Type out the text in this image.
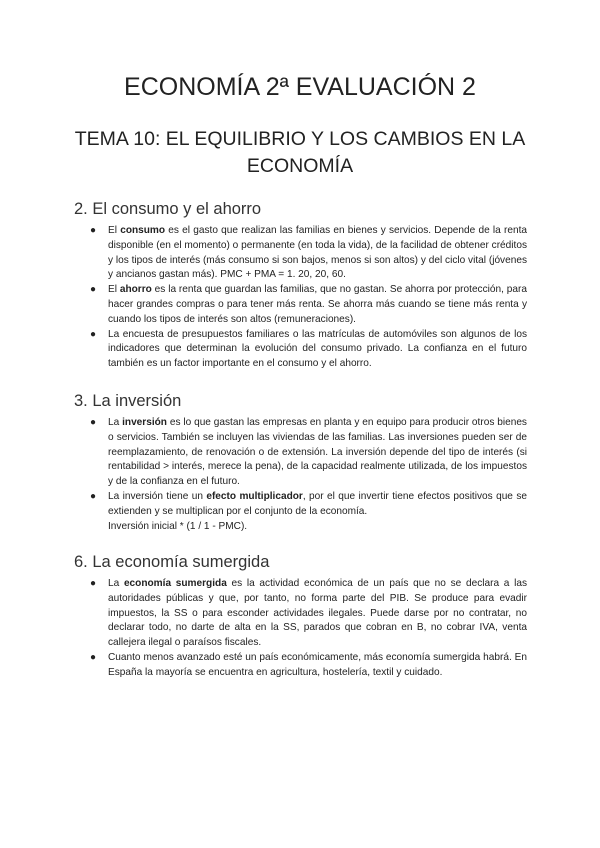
ECONOMÍA 2ª EVALUACIÓN 2
TEMA 10: EL EQUILIBRIO Y LOS CAMBIOS EN LA ECONOMÍA
2. El consumo y el ahorro
● El consumo es el gasto que realizan las familias en bienes y servicios. Depende de la renta disponible (en el momento) o permanente (en toda la vida), de la facilidad de obtener créditos y los tipos de interés (más consumo si son bajos, menos si son altos) y del ciclo vital (jóvenes y ancianos gastan más). PMC + PMA = 1. 20, 20, 60.
● El ahorro es la renta que guardan las familias, que no gastan. Se ahorra por protección, para hacer grandes compras o para tener más renta. Se ahorra más cuando se tiene más renta y cuando los tipos de interés son altos (remuneraciones).
● La encuesta de presupuestos familiares o las matrículas de automóviles son algunos de los indicadores que determinan la evolución del consumo privado. La confianza en el futuro también es un factor importante en el consumo y el ahorro.
3. La inversión
● La inversión es lo que gastan las empresas en planta y en equipo para producir otros bienes o servicios. También se incluyen las viviendas de las familias. Las inversiones pueden ser de reemplazamiento, de renovación o de extensión. La inversión depende del tipo de interés (si rentabilidad > interés, merece la pena), de la capacidad realmente utilizada, de los impuestos y de la confianza en el futuro.
● La inversión tiene un efecto multiplicador, por el que invertir tiene efectos positivos que se extienden y se multiplican por el conjunto de la economía.
Inversión inicial * (1 / 1 - PMC).
6. La economía sumergida
● La economía sumergida es la actividad económica de un país que no se declara a las autoridades públicas y que, por tanto, no forma parte del PIB. Se produce para evadir impuestos, la SS o para esconder actividades ilegales. Puede darse por no contratar, no declarar todo, no darte de alta en la SS, parados que cobran en B, no cobrar IVA, venta callejera ilegal o paraísos fiscales.
● Cuanto menos avanzado esté un país económicamente, más economía sumergida habrá. En España la mayoría se encuentra en agricultura, hostelería, textil y cuidado.
